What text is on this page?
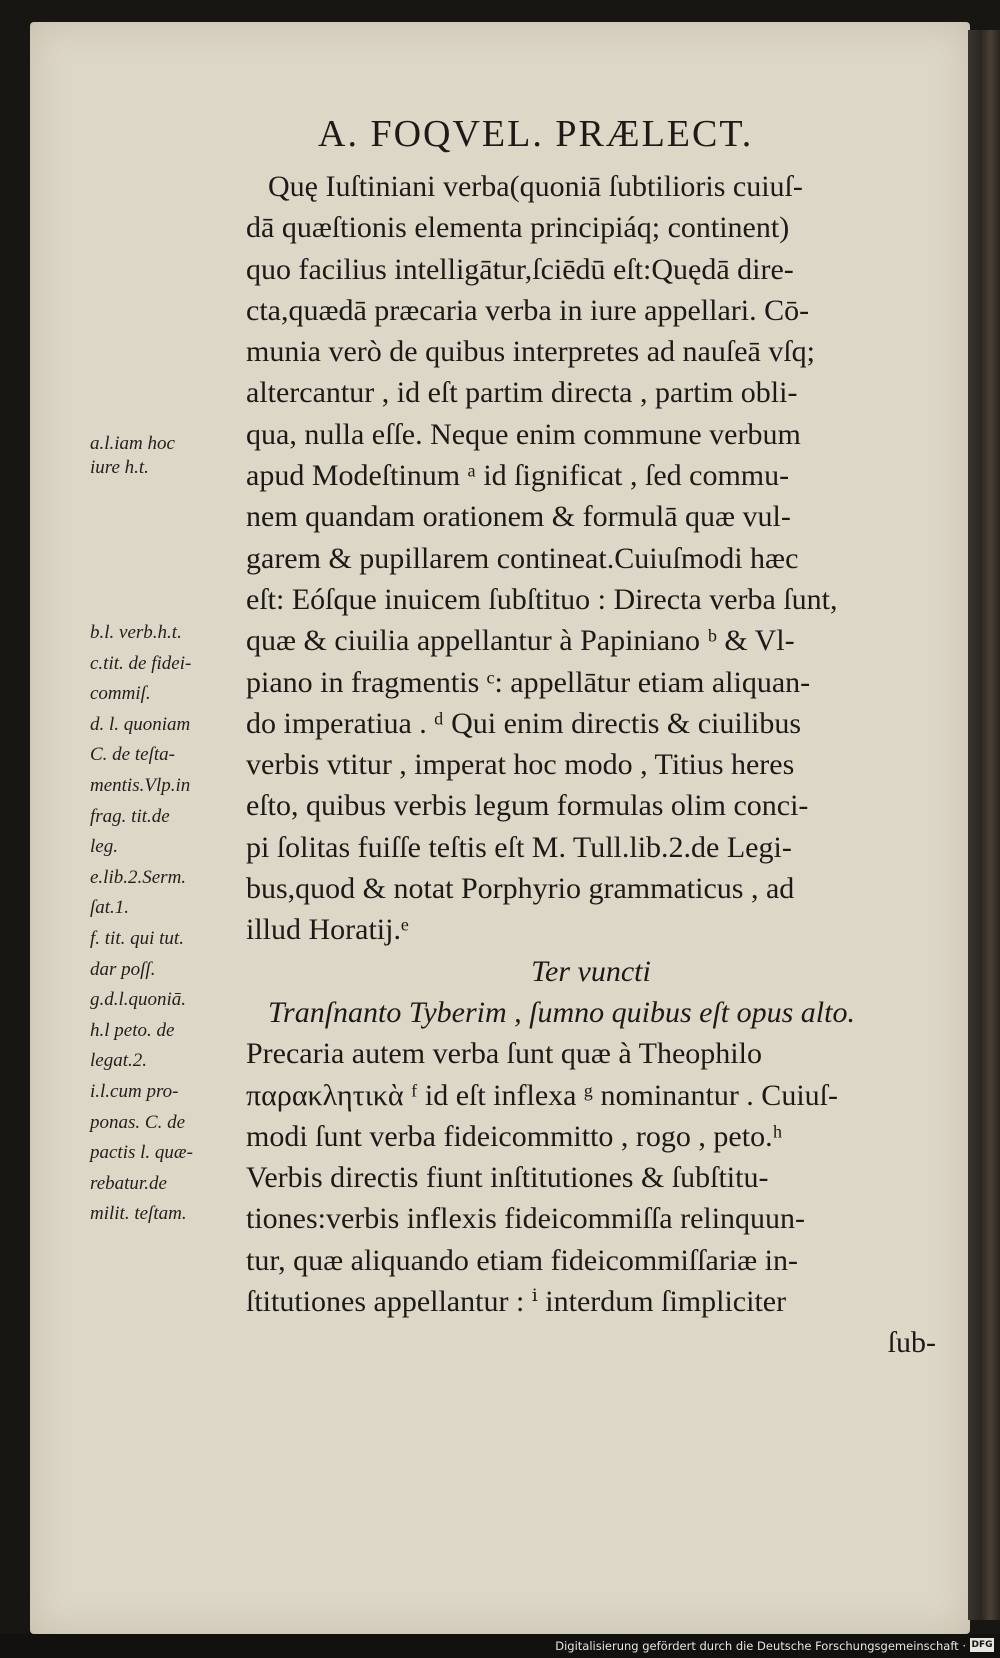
A. FOQVEL. PRÆLECT.
a.l.iam hoc
iure h.t.
b.l. verb.h.t.
c.tit. de fidei-
commiſ.
d. l. quoniam
C. de teſta-
mentis.Vlp.in
frag. tit.de
leg.
e.lib.2.Serm.
ſat.1.
f. tit. qui tut.
dar poſſ.
g.d.l.quoniā.
h.l peto. de
legat.2.
i.l.cum pro-
ponas. C. de
pactis l. quæ-
rebatur.de
milit. teſtam.
Quę Iuſtiniani verba(quoniā ſubtilioris cuiuſ-
dā quæſtionis elementa principiáq; continent)
quo facilius intelligātur,ſciēdū eſt:Quędā dire-
cta,quædā præcaria verba in iure appellari. Cō-
munia verò de quibus interpretes ad nauſeā vſq;
altercantur , id eſt partim directa , partim obli-
qua, nulla eſſe. Neque enim commune verbum
apud Modeſtinum ᵃ id ſignificat , ſed commu-
nem quandam orationem & formulā quæ vul-
garem & pupillarem contineat.Cuiuſmodi hæc
eſt: Eóſque inuicem ſubſtituo : Directa verba ſunt,
quæ & ciuilia appellantur à Papiniano ᵇ & Vl-
piano in fragmentis ᶜ: appellātur etiam aliquan-
do imperatiua . ᵈ Qui enim directis & ciuilibus
verbis vtitur , imperat hoc modo , Titius heres
eſto, quibus verbis legum formulas olim conci-
pi ſolitas fuiſſe teſtis eſt M. Tull.lib.2.de Legi-
bus,quod & notat Porphyrio grammaticus , ad
illud Horatij.ᵉ
Ter vuncti
Tranſnanto Tyberim , ſumno quibus eſt opus alto.
Precaria autem verba ſunt quæ à Theophilo
παρακλητικὰ ᶠ id eſt inflexa ᵍ nominantur . Cuiuſ-
modi ſunt verba fideicommitto , rogo , peto.ʰ
Verbis directis fiunt inſtitutiones & ſubſtitu-
tiones:verbis inflexis fideicommiſſa relinquun-
tur, quæ aliquando etiam fideicommiſſariæ in-
ſtitutiones appellantur : ⁱ interdum ſimpliciter
ſub-
Digitalisierung gefördert durch die Deutsche Forschungsgemeinschaft · DFG
